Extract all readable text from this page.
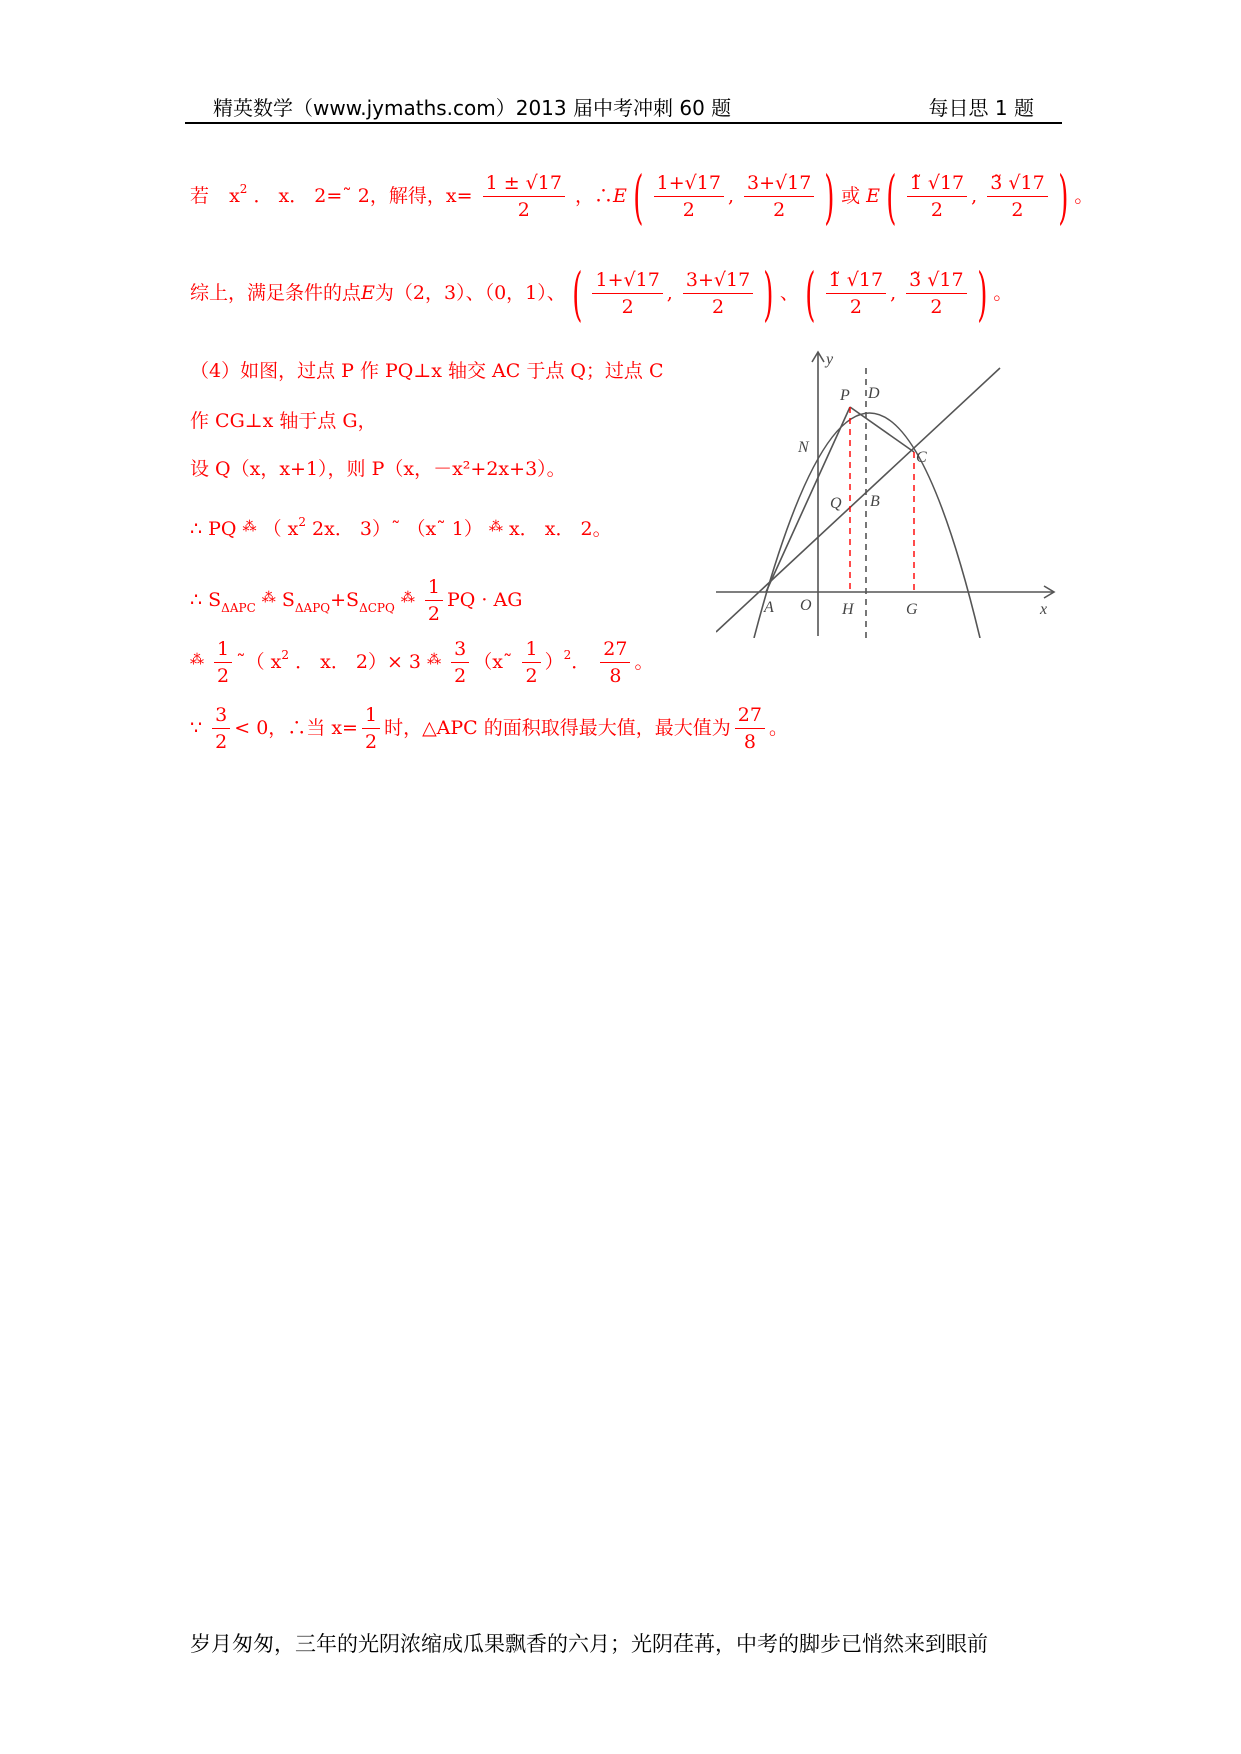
精英数学（www.jymaths.com）2013 届中考冲刺 60 题	每日思 1 题
若 $x^2$ ． x． 2=˜ 2，解得，$x= \frac{1 \pm √17}{2}$ ，∴E ( $\frac{1+√17}{2}$ , $\frac{3+√17}{2}$ ) 或 E ( $\frac{1̃ √17}{2}$ , $\frac{3̃ √17}{2}$ ) 。
综上，满足条件的点E为（2，3）、（0，1）、 ( $\frac{1+√17}{2}$ , $\frac{3+√17}{2}$ ) 、 ( $\frac{1̃ √17}{2}$ , $\frac{3̃ √17}{2}$ ) 。
（4）如图，过点 P 作 PQ⊥x 轴交 AC 于点 Q；过点 C
作 CG⊥x 轴于点 G，
设 Q（x，x+1），则 P（x，－x²+2x+3）。
∴ PQ ⁂ （ $x^2$ 2x． 3）˜ （x˜ 1） ⁂ x． x． 2。
∴ $S_{\Delta APC}$ ⁂ $S_{\Delta APQ}+S_{\Delta CPQ}$ $^⁂ \frac{1}{2}$ PQ · AG
$^⁂ \frac{1}{2}$ ˜（ $x^2$ ． x． 2）× 3 $^⁂ \frac{3}{2}$ （x˜ $\frac{1}{2} )^2$． $\frac{27}{8}$ 。
∵ $\frac{3}{2} < 0$，∴当 $x= \frac{1}{2}$ 时，△APC 的面积取得最大值，最大值为 $\frac{27}{8}$ 。
y
x
P D
N
C
Q B
A O H	G
岁月匆匆，三年的光阴浓缩成瓜果飘香的六月；光阴荏苒，中考的脚步已悄然来到眼前
